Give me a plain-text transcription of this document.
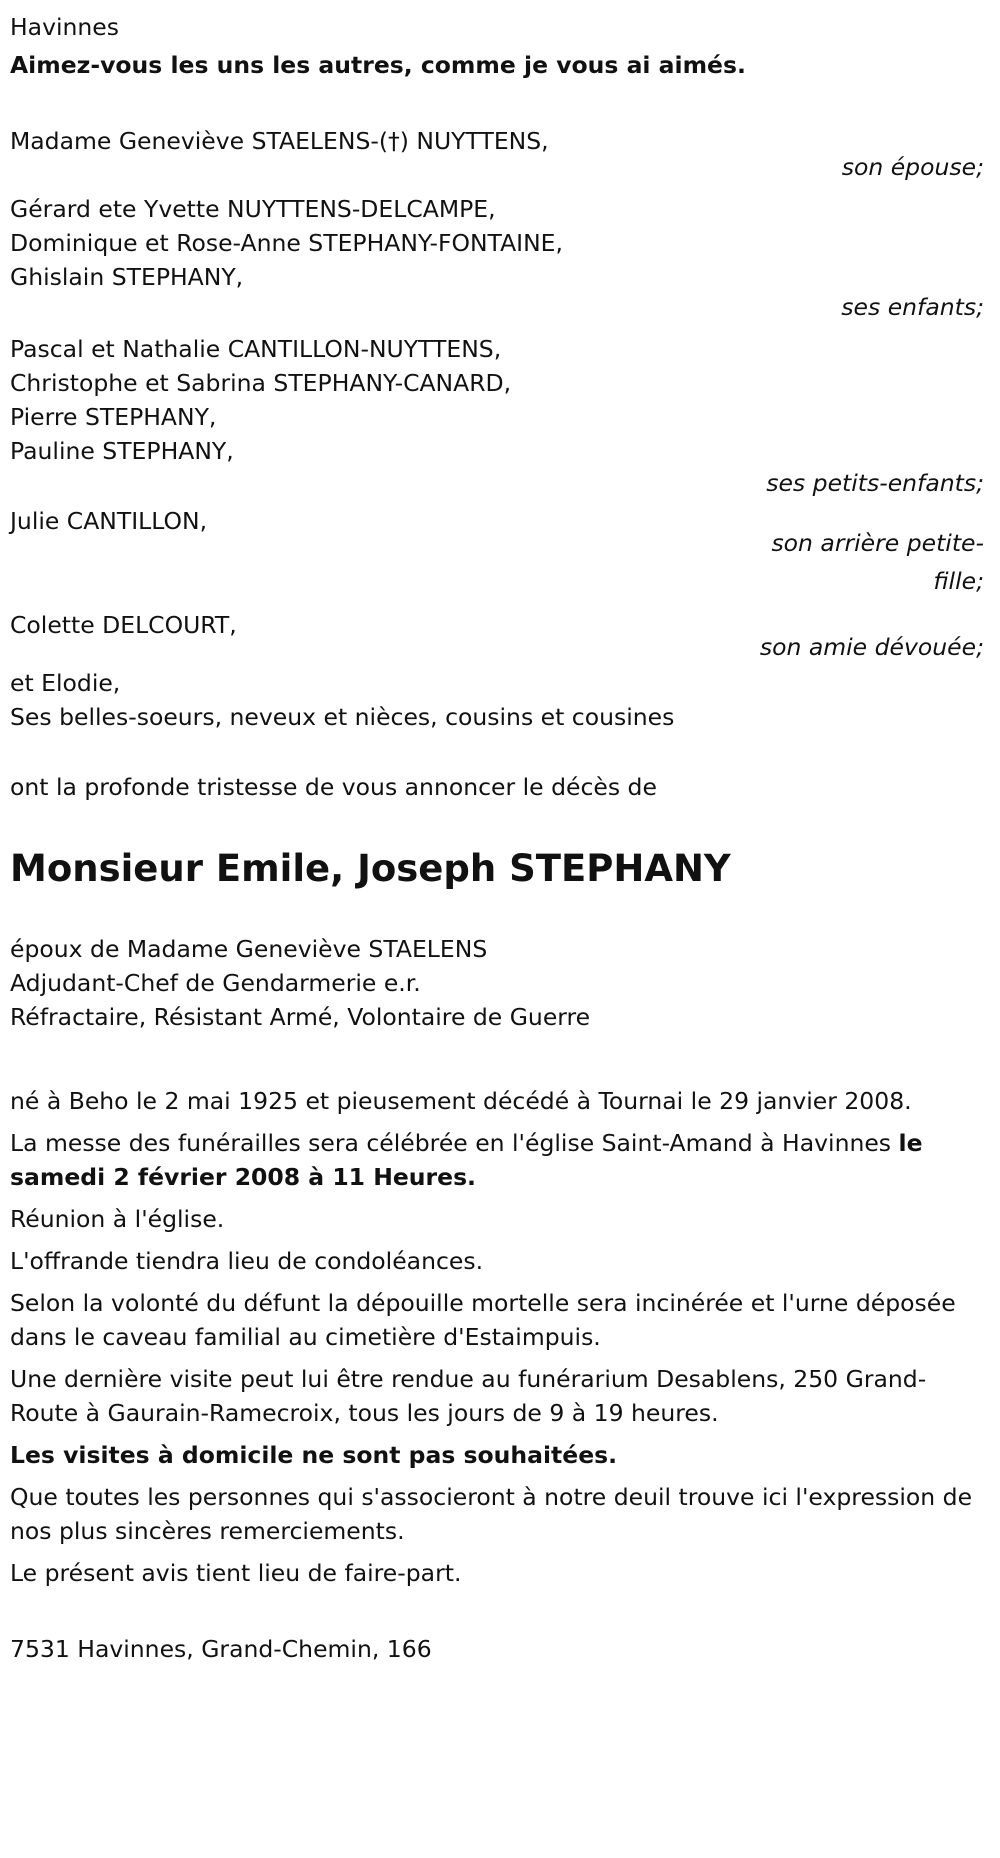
Havinnes
Aimez-vous les uns les autres, comme je vous ai aimés.
Madame Geneviève STAELENS-(†) NUYTTENS,
son épouse;
Gérard ete Yvette NUYTTENS-DELCAMPE,
Dominique et Rose-Anne STEPHANY-FONTAINE,
Ghislain STEPHANY,
ses enfants;
Pascal et Nathalie CANTILLON-NUYTTENS,
Christophe et Sabrina STEPHANY-CANARD,
Pierre STEPHANY,
Pauline STEPHANY,
ses petits-enfants;
Julie CANTILLON,
son arrière petite-fille;
Colette DELCOURT,
son amie dévouée;
et Elodie,
Ses belles-soeurs, neveux et nièces, cousins et cousines
ont la profonde tristesse de vous annoncer le décès de
Monsieur Emile, Joseph STEPHANY
époux de Madame Geneviève STAELENS
Adjudant-Chef de Gendarmerie e.r.
Réfractaire, Résistant Armé, Volontaire de Guerre
né à Beho le 2 mai 1925 et pieusement décédé à Tournai le 29 janvier 2008.
La messe des funérailles sera célébrée en l'église Saint-Amand à Havinnes le samedi 2 février 2008 à 11 Heures.
Réunion à l'église.
L'offrande tiendra lieu de condoléances.
Selon la volonté du défunt la dépouille mortelle sera incinérée et l'urne déposée dans le caveau familial au cimetière d'Estaimpuis.
Une dernière visite peut lui être rendue au funérarium Desablens, 250 Grand-Route à Gaurain-Ramecroix, tous les jours de 9 à 19 heures.
Les visites à domicile ne sont pas souhaitées.
Que toutes les personnes qui s'associeront à notre deuil trouve ici l'expression de nos plus sincères remerciements.
Le présent avis tient lieu de faire-part.
7531 Havinnes, Grand-Chemin, 166
